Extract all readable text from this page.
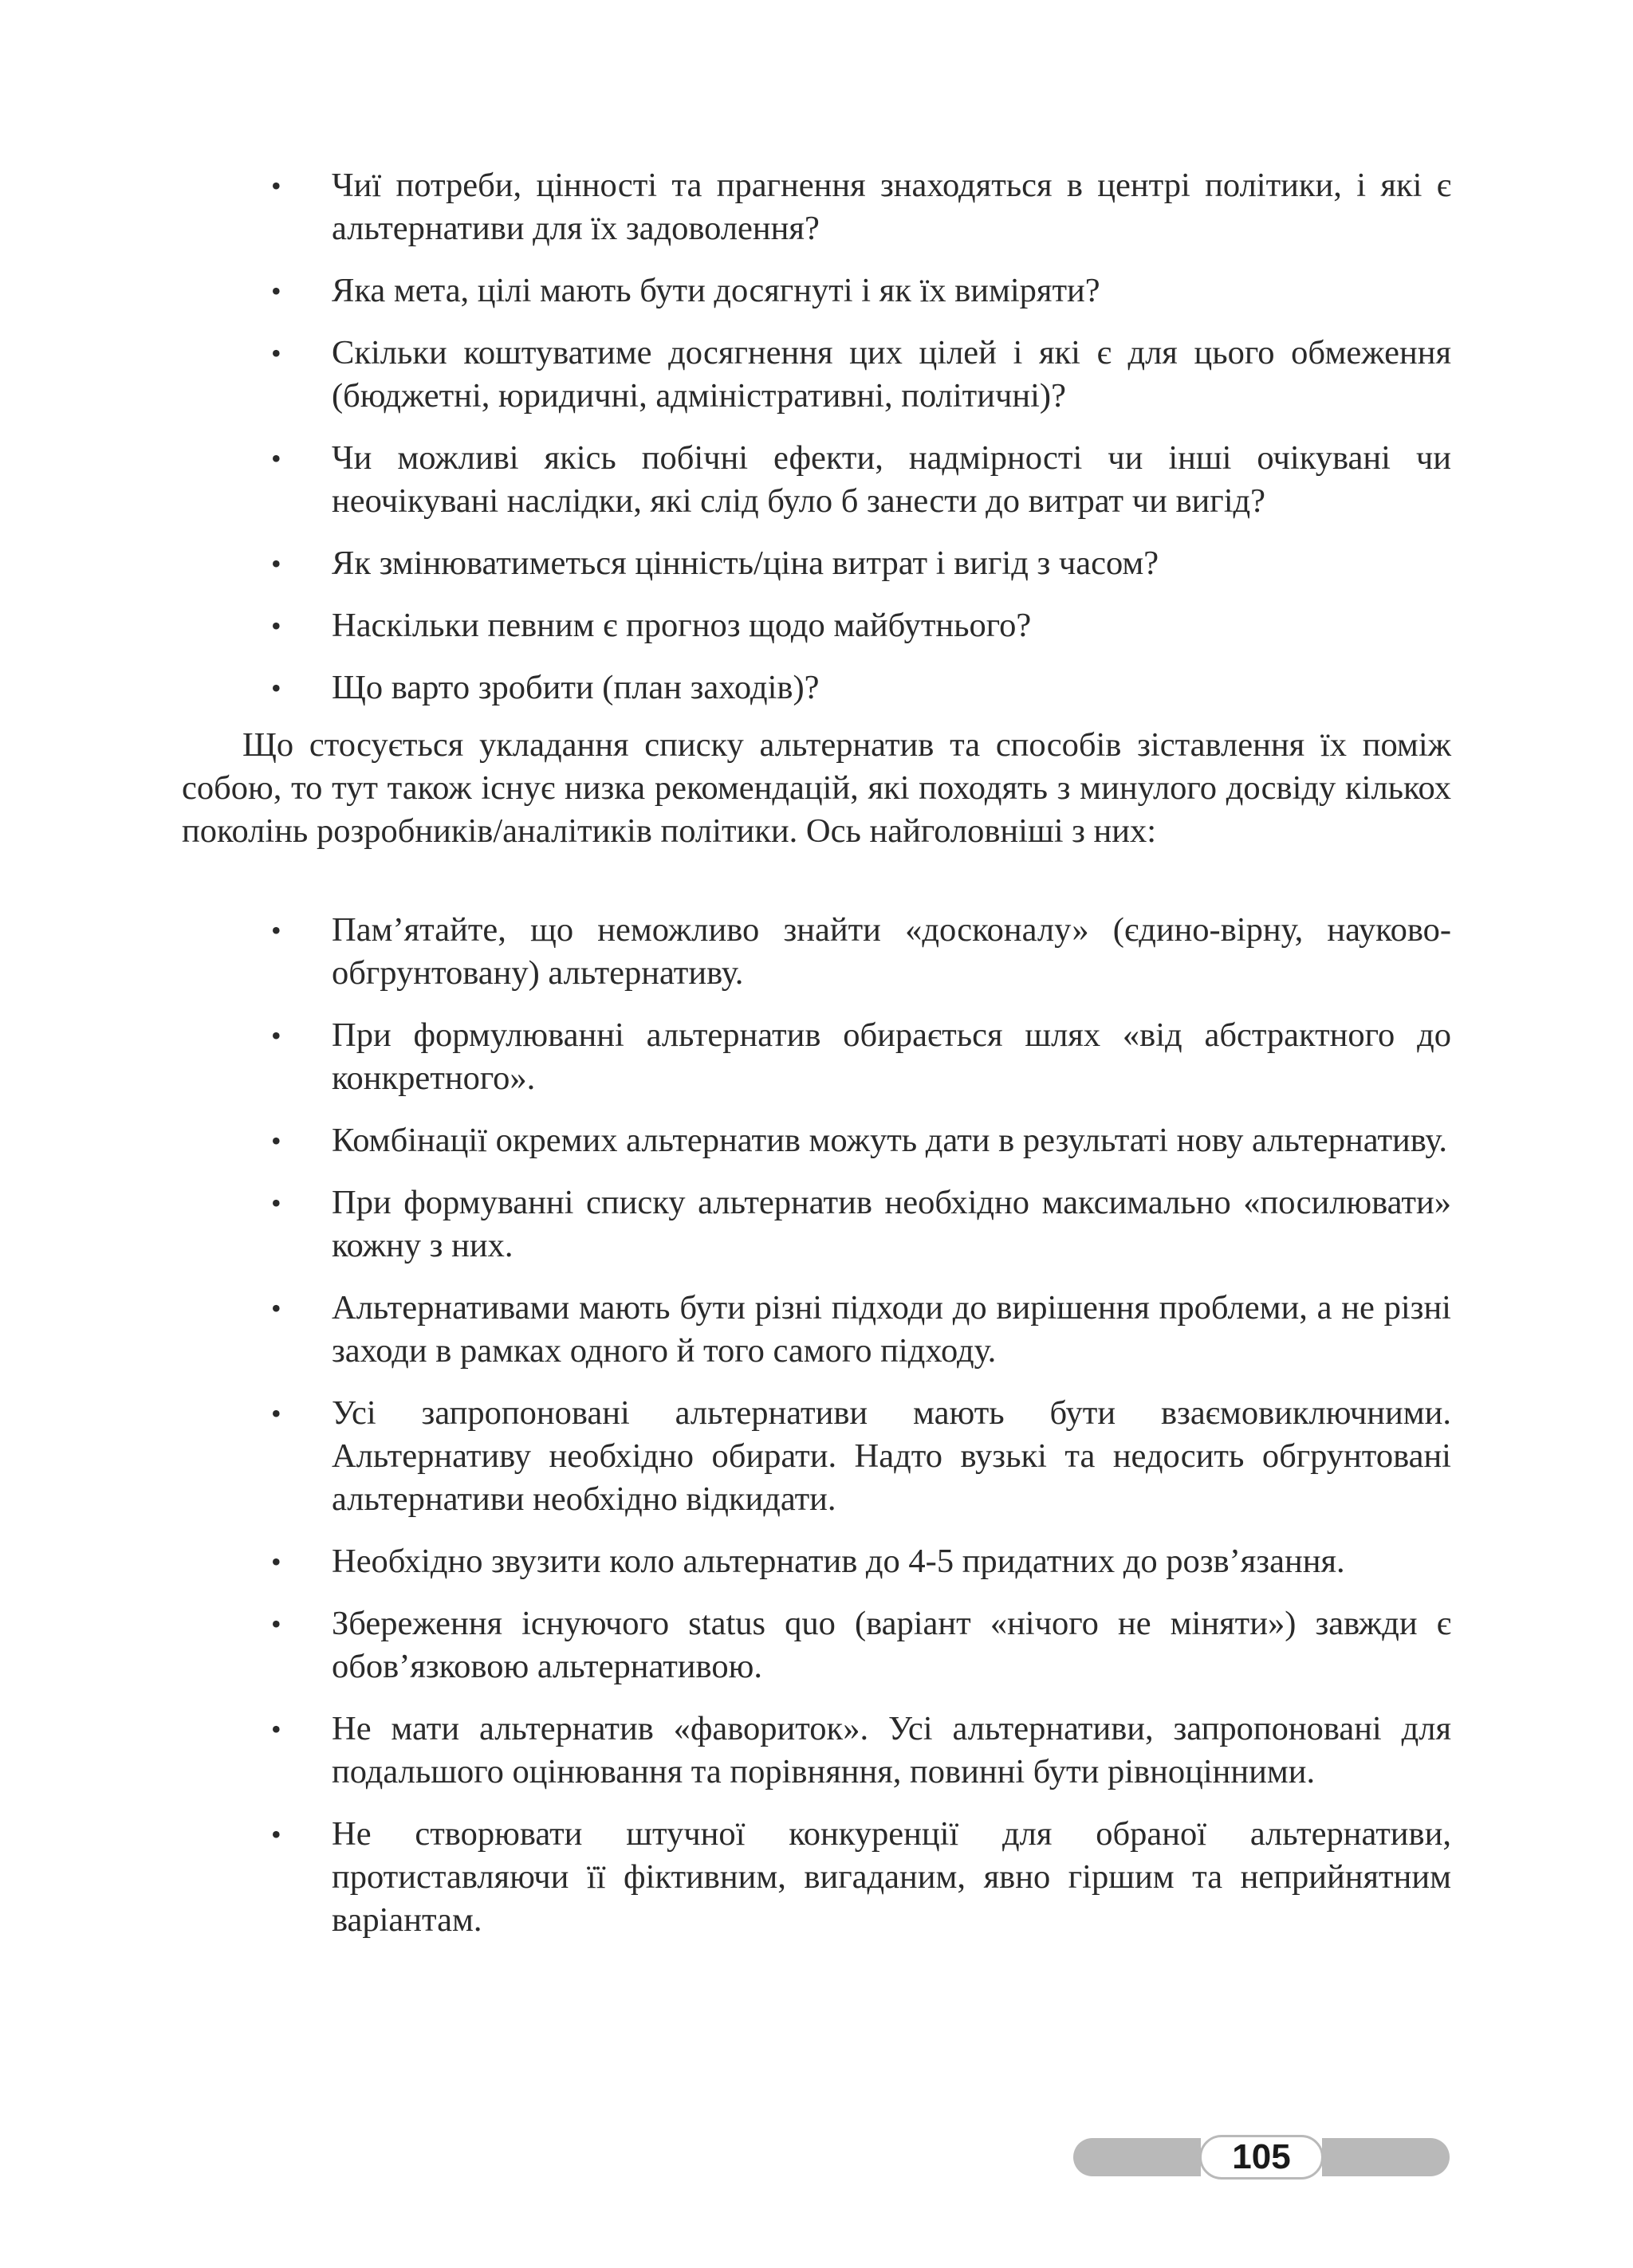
•	Чиї потреби, цінності та прагнення знаходяться в центрі політики, і які є альтернативи для їх задоволення?
•	Яка мета, цілі мають бути досягнуті і як їх виміряти?
•	Скільки коштуватиме досягнення цих цілей і які є для цього обмеження (бюджетні, юридичні, адміністративні, політичні)?
•	Чи можливі якісь побічні ефекти, надмірності чи інші очікувані чи неочікувані наслідки, які слід було б занести до витрат чи вигід?
•	Як змінюватиметься цінність/ціна витрат і вигід з часом?
•	Наскільки певним є прогноз щодо майбутнього?
•	Що варто зробити (план заходів)?

Що стосується укладання списку альтернатив та способів зіставлення їх поміж собою, то тут також існує низка рекомендацій, які походять з минулого досвіду кількох поколінь розробників/аналітиків політики. Ось найголовніші з них:

•	Пам’ятайте, що неможливо знайти «досконалу» (єдино-вірну, науково-обгрунтовану) альтернативу.
•	При формулюванні альтернатив обирається шлях «від абстрактного до конкретного».
•	Комбінації окремих альтернатив можуть дати в результаті нову альтернативу.
•	При формуванні списку альтернатив необхідно максимально «посилювати» кожну з них.
•	Альтернативами мають бути різні підходи до вирішення проблеми, а не різні заходи в рамках одного й того самого підходу.
•	Усі запропоновані альтернативи мають бути взаємовиключними. Альтернативу необхідно обирати. Надто вузькі та недосить обгрунтовані альтернативи необхідно відкидати.
•	Необхідно звузити коло альтернатив до 4-5 придатних до розв’язання.
•	Збереження існуючого status quo (варіант «нічого не міняти») завжди є обов’язковою альтернативою.
•	Не мати альтернатив «фавориток». Усі альтернативи, запропоновані для подальшого оцінювання та порівняння, повинні бути рівноцінними.
•	Не створювати штучної конкуренції для обраної альтернативи, протиставляючи її фіктивним, вигаданим, явно гіршим та неприйнятним варіантам.
105
